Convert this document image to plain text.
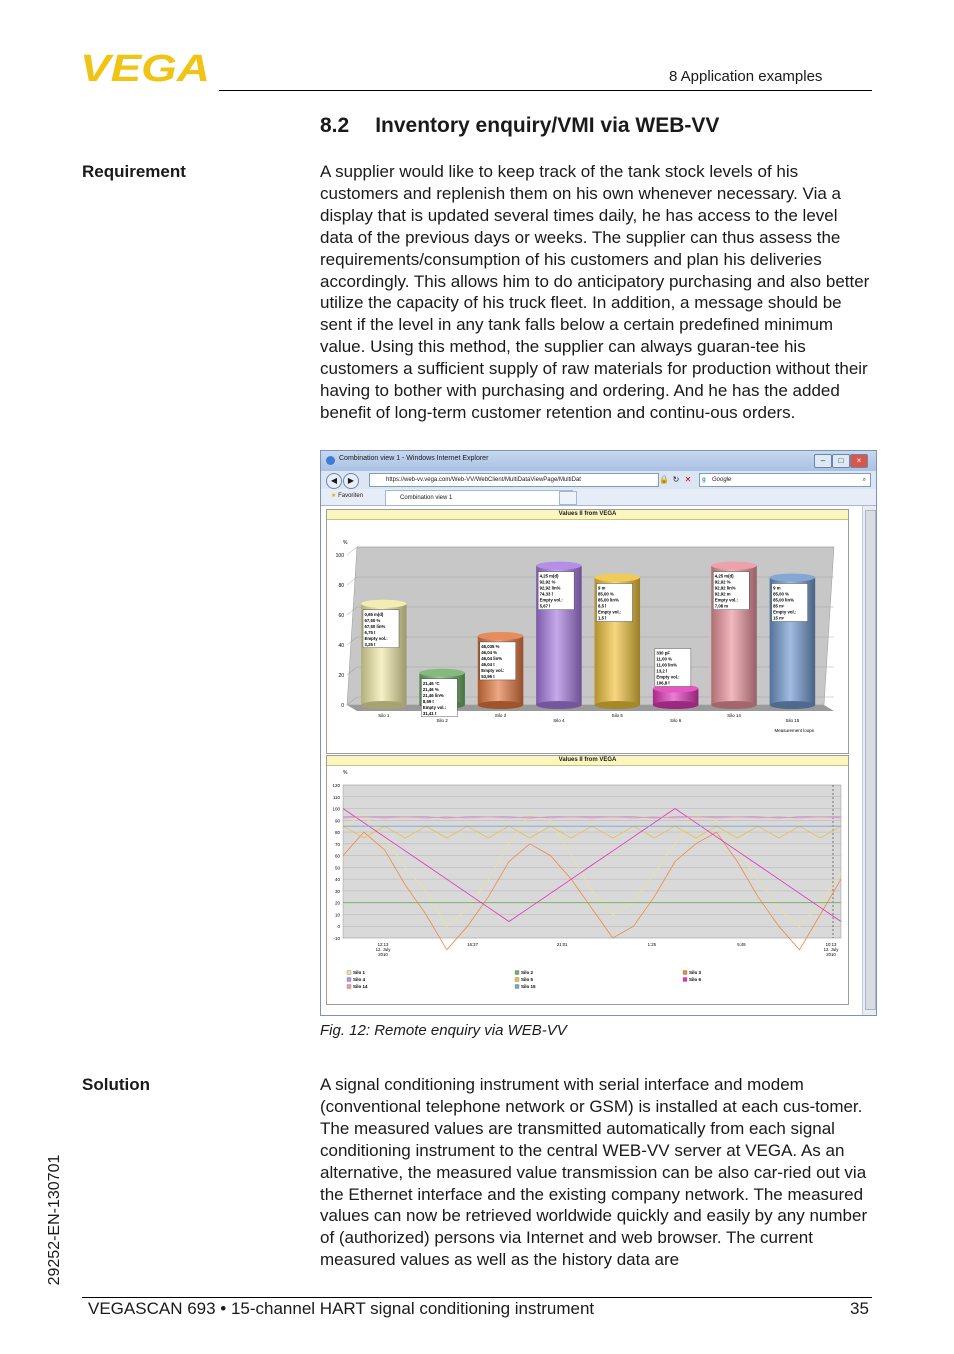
VEGA	8 Application examples
8.2 Inventory enquiry/VMI via WEB-VV
Requirement	A supplier would like to keep track of the tank stock levels of his customers and replenish them on his own whenever necessary. Via a display that is updated several times daily, he has access to the level data of the previous days or weeks. The supplier can thus assess the requirements/consumption of his customers and plan his deliveries accordingly. This allows him to do anticipatory purchasing and also better utilize the capacity of his truck fleet. In addition, a message should be sent if the level in any tank falls below a certain predefined minimum value. Using this method, the supplier can always guaran-tee his customers a sufficient supply of raw materials for production without their having to bother with purchasing and ordering. And he has the added benefit of long-term customer retention and continu-ous orders.

Combination view 1 - Windows Internet Explorer	–	□	×
◀	▶	https://web-vv.vega.com/Web-VV/WebClient/MultiDataViewPage/MultiDat	🔒 ↻ ✕ g Google	⌕
★ Favoriten	Combination view 1
Values II from VEGA
%
0
20
40
60
80
100
0,65 m(d)
67,50 %
67,50 lin%
6,75 t
Empty vol.:
3,25 t
Silo 1
21,46 °C
21,46 %
21,46 lin%
8,59 t
Empty vol.:
31,41 t
Silo 2
46,035 %
46,04 %
46,04 lin%
46,04 t
Empty vol.:
53,96 t
Silo 3
4,25 m(d)
92,92 %
92,92 lin%
74,33 l
Empty vol.:
5,67 l
Silo 4
9 m
85,00 %
85,00 lin%
8,5 l
Empty vol.:
1,5 l
Silo 5
330 pF
11,00 %
11,00 lin%
13,2 l
Empty vol.:
106,8 l
Silo 6
4,25 m(d)
92,92 %
92,92 lin%
92,92 m
Empty vol.:
7,08 m
Silo 14
9 m
85,00 %
85,00 lin%
85 m³
Empty vol.:
15 m³
Silo 15
Measurement loops
Values II from VEGA
%
-10
0
10
20
30
40
50
60
70
80
90
100
110
120
12:13 12. July 2010
16:37	21:01	1:25	5:49	10:13 12. July 2010
Silo 1	Silo 2	Silo 3
Silo 4	Silo 5	Silo 6
Silo 14	Silo 15
Fig. 12: Remote enquiry via WEB-VV
Solution	A signal conditioning instrument with serial interface and modem (conventional telephone network or GSM) is installed at each cus-tomer. The measured values are transmitted automatically from each signal conditioning instrument to the central WEB-VV server at VEGA. As an alternative, the measured value transmission can be also car-ried out via the Ethernet interface and the existing company network. The measured values can now be retrieved worldwide quickly and easily by any number of (authorized) persons via Internet and web browser. The current measured values as well as the history data are

29252-EN-130701
VEGASCAN 693 • 15-channel HART signal conditioning instrument	35
